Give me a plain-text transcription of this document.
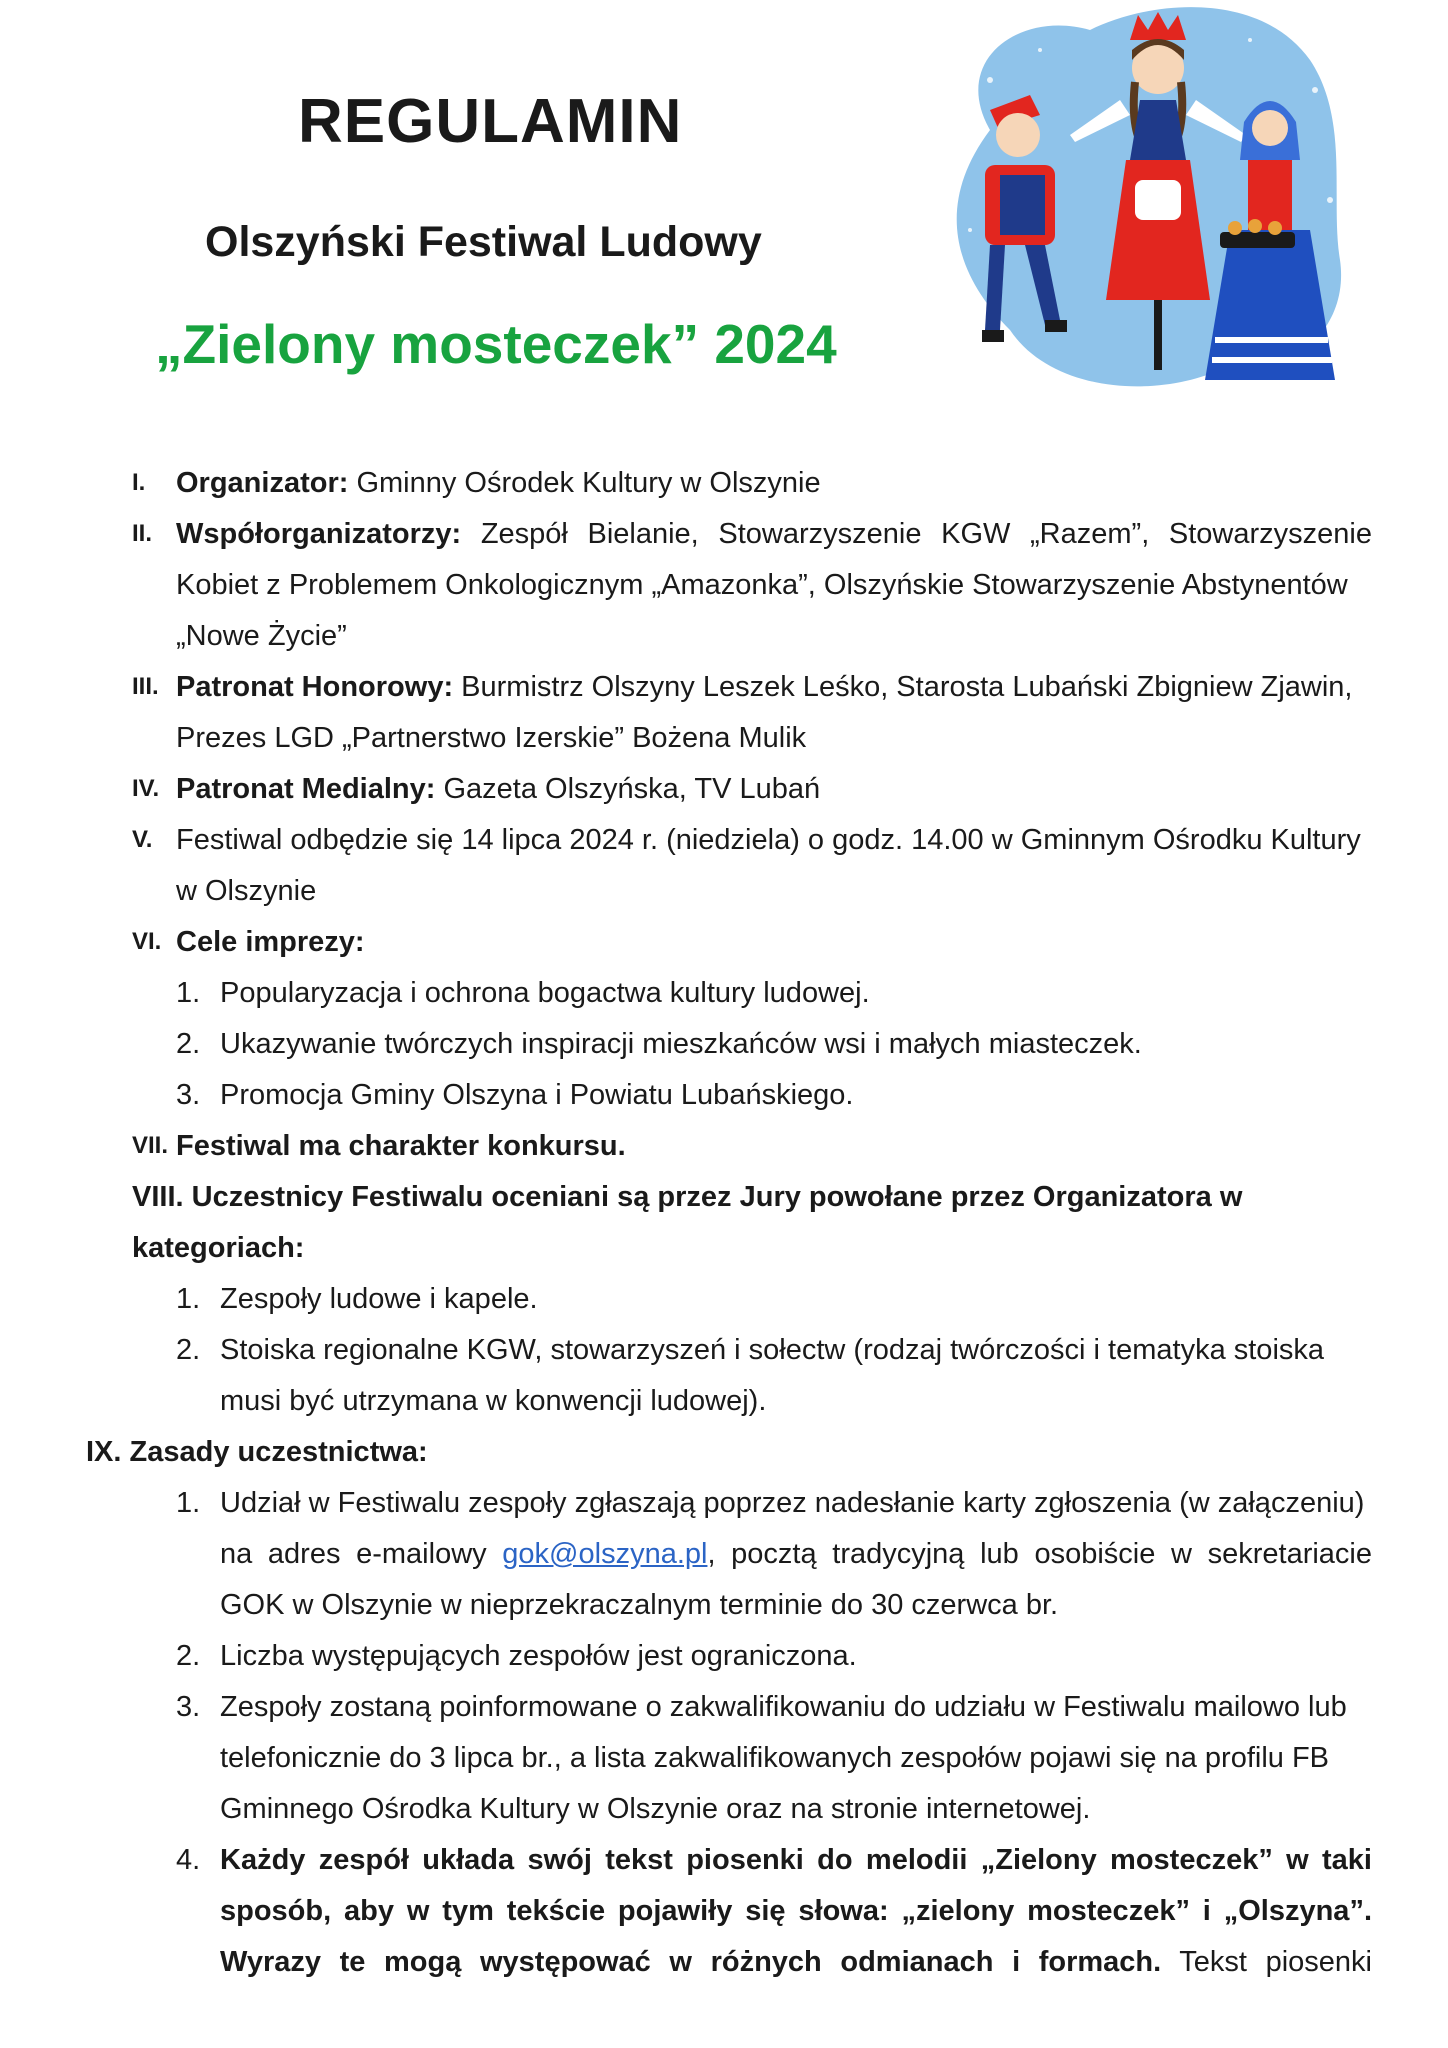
REGULAMIN
Olszyński Festiwal Ludowy
„Zielony mosteczek” 2024
I. Organizator: Gminny Ośrodek Kultury w Olszynie
II. Współorganizatorzy: Zespół Bielanie, Stowarzyszenie KGW „Razem”, Stowarzyszenie
Kobiet z Problemem Onkologicznym „Amazonka”, Olszyńskie Stowarzyszenie Abstynentów
„Nowe Życie”
III. Patronat Honorowy: Burmistrz Olszyny Leszek Leśko, Starosta Lubański Zbigniew Zjawin,
Prezes LGD „Partnerstwo Izerskie” Bożena Mulik
IV. Patronat Medialny: Gazeta Olszyńska, TV Lubań
V. Festiwal odbędzie się 14 lipca 2024 r. (niedziela) o godz. 14.00 w Gminnym Ośrodku Kultury
w Olszynie
VI. Cele imprezy:
1. Popularyzacja i ochrona bogactwa kultury ludowej.
2. Ukazywanie twórczych inspiracji mieszkańców wsi i małych miasteczek.
3. Promocja Gminy Olszyna i Powiatu Lubańskiego.
VII. Festiwal ma charakter konkursu.
VIII. Uczestnicy Festiwalu oceniani są przez Jury powołane przez Organizatora w
kategoriach:
1. Zespoły ludowe i kapele.
2. Stoiska regionalne KGW, stowarzyszeń i sołectw (rodzaj twórczości i tematyka stoiska
musi być utrzymana w konwencji ludowej).
IX. Zasady uczestnictwa:
1. Udział w Festiwalu zespoły zgłaszają poprzez nadesłanie karty zgłoszenia (w załączeniu)
na adres e-mailowy gok@olszyna.pl, pocztą tradycyjną lub osobiście w sekretariacie
GOK w Olszynie w nieprzekraczalnym terminie do 30 czerwca br.
2. Liczba występujących zespołów jest ograniczona.
3. Zespoły zostaną poinformowane o zakwalifikowaniu do udziału w Festiwalu mailowo lub
telefonicznie do 3 lipca br., a lista zakwalifikowanych zespołów pojawi się na profilu FB
Gminnego Ośrodka Kultury w Olszynie oraz na stronie internetowej.
4. Każdy zespół układa swój tekst piosenki do melodii „Zielony mosteczek” w taki
sposób, aby w tym tekście pojawiły się słowa: „zielony mosteczek” i „Olszyna”.
Wyrazy te mogą występować w różnych odmianach i formach. Tekst piosenki
